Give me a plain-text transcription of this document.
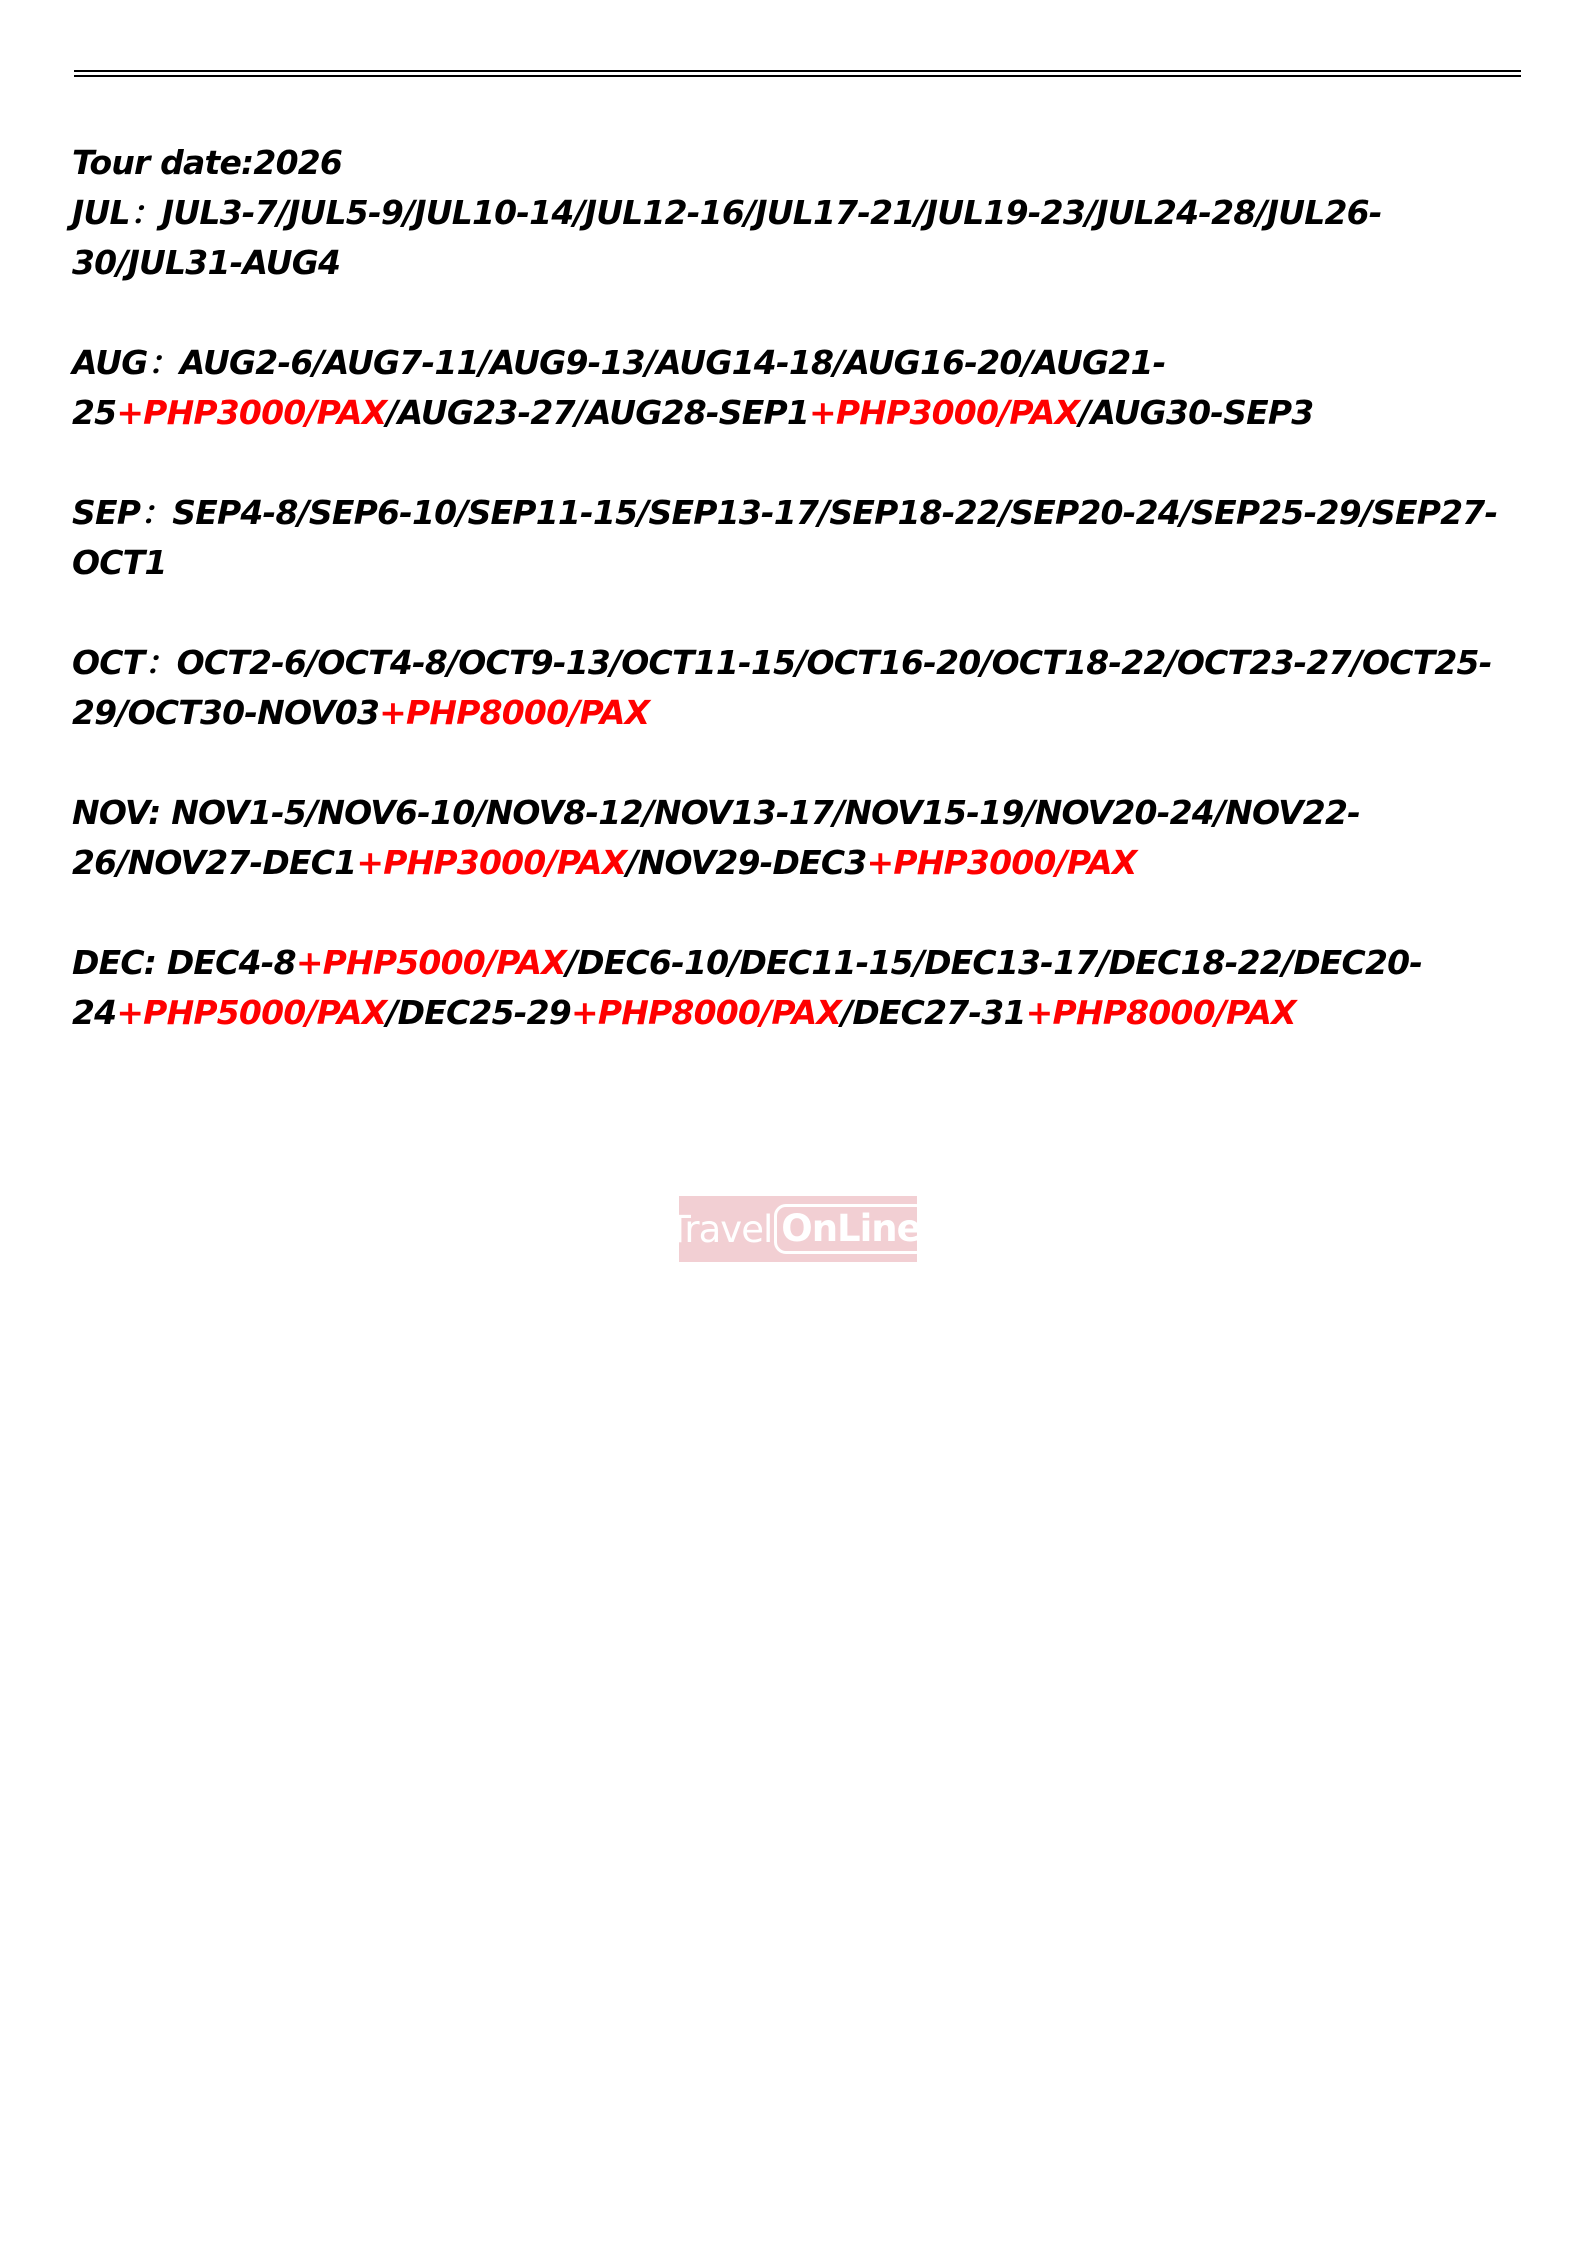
Tour date:2026

JUL：JUL3-7/JUL5-9/JUL10-14/JUL12-16/JUL17-21/JUL19-23/JUL24-28/JUL26-30/JUL31-AUG4

AUG：AUG2-6/AUG7-11/AUG9-13/AUG14-18/AUG16-20/AUG21-25+PHP3000/PAX/AUG23-27/AUG28-SEP1+PHP3000/PAX/AUG30-SEP3

SEP：SEP4-8/SEP6-10/SEP11-15/SEP13-17/SEP18-22/SEP20-24/SEP25-29/SEP27-OCT1

OCT：OCT2-6/OCT4-8/OCT9-13/OCT11-15/OCT16-20/OCT18-22/OCT23-27/OCT25-29/OCT30-NOV03+PHP8000/PAX

NOV: NOV1-5/NOV6-10/NOV8-12/NOV13-17/NOV15-19/NOV20-24/NOV22-26/NOV27-DEC1+PHP3000/PAX/NOV29-DEC3+PHP3000/PAX

DEC: DEC4-8+PHP5000/PAX/DEC6-10/DEC11-15/DEC13-17/DEC18-22/DEC20-24+PHP5000/PAX/DEC25-29+PHP8000/PAX/DEC27-31+PHP8000/PAX

Travel OnLine
